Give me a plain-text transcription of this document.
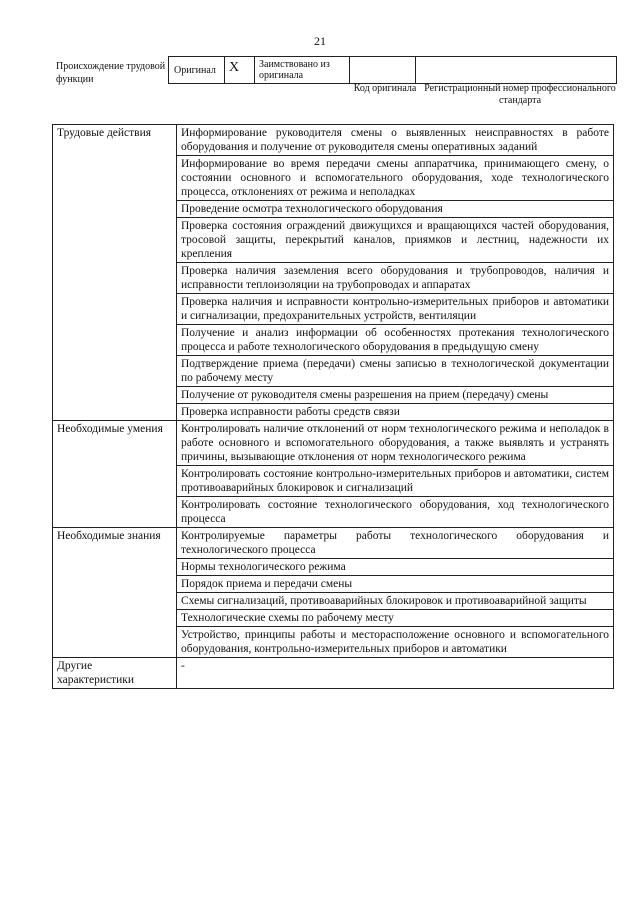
21
Происхождение трудовой функции
Оригинал X	Заимствовано из оригинала
Код оригинала Регистрационный номер профессионального стандарта
Трудовые действия	Информирование руководителя смены о выявленных неисправностях в работе оборудования и получение от руководителя смены оперативных заданий
	Информирование во время передачи смены аппаратчика, принимающего смену, о состоянии основного и вспомогательного оборудования, ходе технологического процесса, отклонениях от режима и неполадках
	Проведение осмотра технологического оборудования
	Проверка состояния ограждений движущихся и вращающихся частей оборудования, тросовой защиты, перекрытий каналов, приямков и лестниц, надежности их крепления
	Проверка наличия заземления всего оборудования и трубопроводов, наличия и исправности теплоизоляции на трубопроводах и аппаратах
	Проверка наличия и исправности контрольно-измерительных приборов и автоматики и сигнализации, предохранительных устройств, вентиляции
	Получение и анализ информации об особенностях протекания технологического процесса и работе технологического оборудования в предыдущую смену
	Подтверждение приема (передачи) смены записью в технологической документации по рабочему месту
	Получение от руководителя смены разрешения на прием (передачу) смены
	Проверка исправности работы средств связи
Необходимые умения	Контролировать наличие отклонений от норм технологического режима и неполадок в работе основного и вспомогательного оборудования, а также выявлять и устранять причины, вызывающие отклонения от норм технологического режима
	Контролировать состояние контрольно-измерительных приборов и автоматики, систем противоаварийных блокировок и сигнализаций
	Контролировать состояние технологического оборудования, ход технологического процесса
Необходимые знания	Контролируемые параметры работы технологического оборудования и технологического процесса
	Нормы технологического режима
	Порядок приема и передачи смены
	Схемы сигнализаций, противоаварийных блокировок и противоаварийной защиты
	Технологические схемы по рабочему месту
	Устройство, принципы работы и месторасположение основного и вспомогательного оборудования, контрольно-измерительных приборов и автоматики
Другие характеристики	-
